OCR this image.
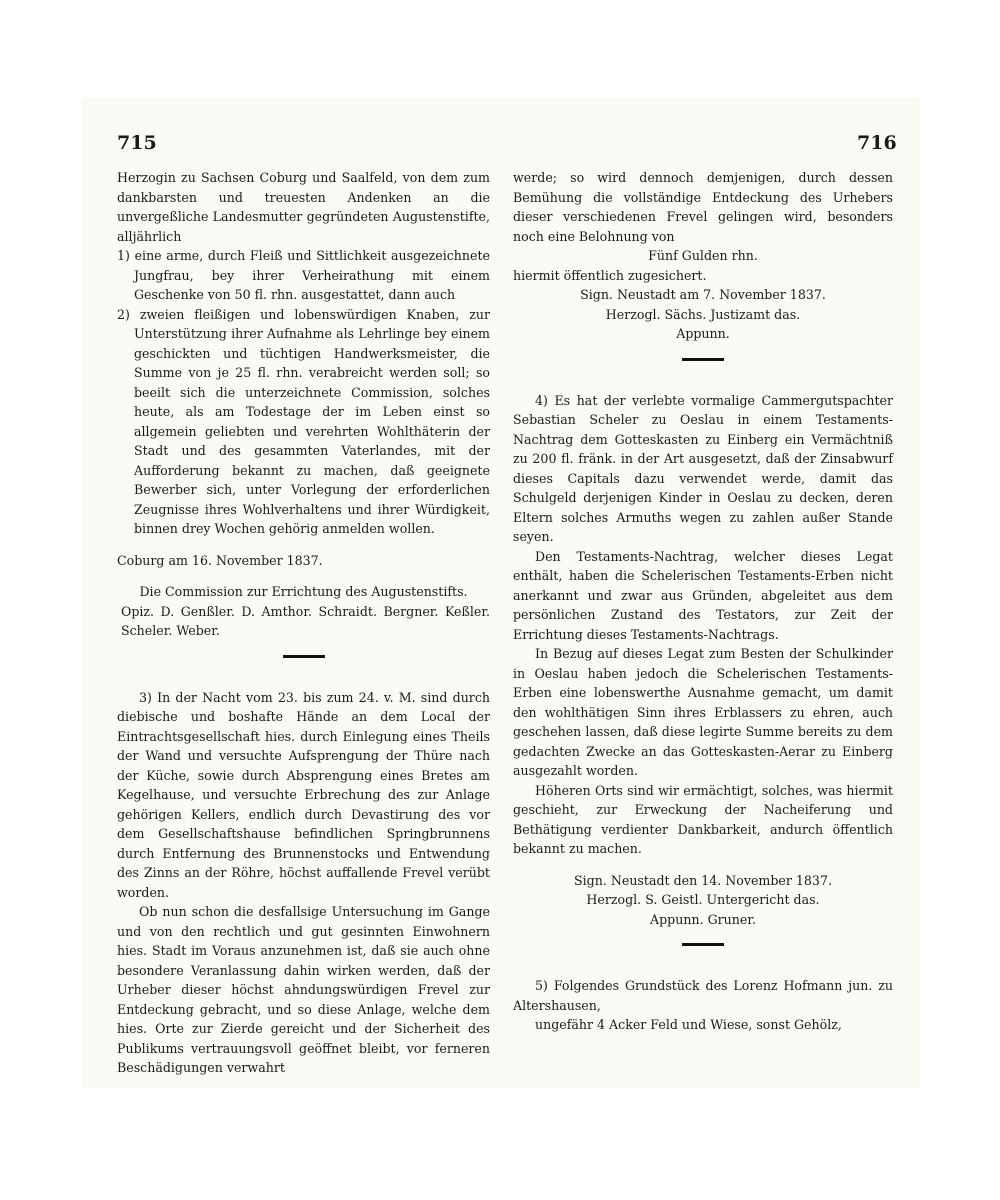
715	716

Herzogin zu Sachsen Coburg und Saalfeld, von dem zum dankbarsten und treuesten Andenken an die unvergeßliche Landesmutter gegründeten Augustenstifte, alljährlich

1) eine arme, durch Fleiß und Sittlichkeit ausgezeichnete Jungfrau, bey ihrer Verheirathung mit einem Geschenke von 50 fl. rhn. ausgestattet, dann auch

2) zweien fleißigen und lobenswürdigen Knaben, zur Unterstützung ihrer Aufnahme als Lehrlinge bey einem geschickten und tüchtigen Handwerksmeister, die Summe von je 25 fl. rhn. verabreicht werden soll; so beeilt sich die unterzeichnete Commission, solches heute, als am Todestage der im Leben einst so allgemein geliebten und verehrten Wohlthäterin der Stadt und des gesammten Vaterlandes, mit der Aufforderung bekannt zu machen, daß geeignete Bewerber sich, unter Vorlegung der erforderlichen Zeugnisse ihres Wohlverhaltens und ihrer Würdigkeit, binnen drey Wochen gehörig anmelden wollen.

Coburg am 16. November 1837.

Die Commission zur Errichtung des Augustenstifts.

Opiz. D. Genßler. D. Amthor. Schraidt. Bergner. Keßler. Scheler. Weber.

3) In der Nacht vom 23. bis zum 24. v. M. sind durch diebische und boshafte Hände an dem Local der Eintrachtsgesellschaft hies. durch Einlegung eines Theils der Wand und versuchte Aufsprengung der Thüre nach der Küche, sowie durch Absprengung eines Bretes am Kegelhause, und versuchte Erbrechung des zur Anlage gehörigen Kellers, endlich durch Devastirung des vor dem Gesellschaftshause befindlichen Springbrunnens durch Entfernung des Brunnenstocks und Entwendung des Zinns an der Röhre, höchst auffallende Frevel verübt worden.

Ob nun schon die desfallsige Untersuchung im Gange und von den rechtlich und gut gesinnten Einwohnern hies. Stadt im Voraus anzunehmen ist, daß sie auch ohne besondere Veranlassung dahin wirken werden, daß der Urheber dieser höchst ahndungswürdigen Frevel zur Entdeckung gebracht, und so diese Anlage, welche dem hies. Orte zur Zierde gereicht und der Sicherheit des Publikums vertrauungsvoll geöffnet bleibt, vor ferneren Beschädigungen verwahrt

werde; so wird dennoch demjenigen, durch dessen Bemühung die vollständige Entdeckung des Urhebers dieser verschiedenen Frevel gelingen wird, besonders noch eine Belohnung von

Fünf Gulden rhn.

hiermit öffentlich zugesichert.

Sign. Neustadt am 7. November 1837.

Herzogl. Sächs. Justizamt das.

Appunn.

4) Es hat der verlebte vormalige Cammergutspachter Sebastian Scheler zu Oeslau in einem Testaments-Nachtrag dem Gotteskasten zu Einberg ein Vermächtniß zu 200 fl. fränk. in der Art ausgesetzt, daß der Zinsabwurf dieses Capitals dazu verwendet werde, damit das Schulgeld derjenigen Kinder in Oeslau zu decken, deren Eltern solches Armuths wegen zu zahlen außer Stande seyen.

Den Testaments-Nachtrag, welcher dieses Legat enthält, haben die Schelerischen Testaments-Erben nicht anerkannt und zwar aus Gründen, abgeleitet aus dem persönlichen Zustand des Testators, zur Zeit der Errichtung dieses Testaments-Nachtrags.

In Bezug auf dieses Legat zum Besten der Schulkinder in Oeslau haben jedoch die Schelerischen Testaments-Erben eine lobenswerthe Ausnahme gemacht, um damit den wohlthätigen Sinn ihres Erblassers zu ehren, auch geschehen lassen, daß diese legirte Summe bereits zu dem gedachten Zwecke an das Gotteskasten-Aerar zu Einberg ausgezahlt worden.

Höheren Orts sind wir ermächtigt, solches, was hiermit geschieht, zur Erweckung der Nacheiferung und Bethätigung verdienter Dankbarkeit, andurch öffentlich bekannt zu machen.

Sign. Neustadt den 14. November 1837.

Herzogl. S. Geistl. Untergericht das.

Appunn. Gruner.

5) Folgendes Grundstück des Lorenz Hofmann jun. zu Altershausen,

ungefähr 4 Acker Feld und Wiese, sonst Gehölz,
